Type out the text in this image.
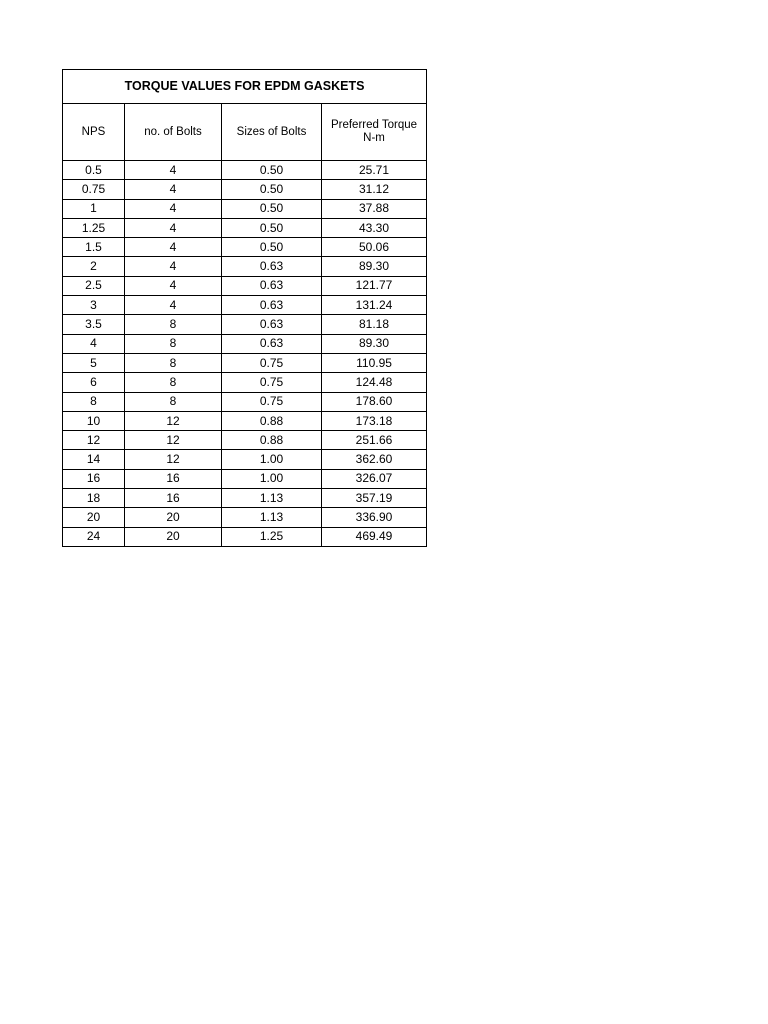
TORQUE VALUES FOR EPDM GASKETS			
NPS	no. of Bolts	Sizes of Bolts	Preferred Torque
N-m
0.5	4	0.50	25.71
0.75	4	0.50	31.12
1	4	0.50	37.88
1.25	4	0.50	43.30
1.5	4	0.50	50.06
2	4	0.63	89.30
2.5	4	0.63	121.77
3	4	0.63	131.24
3.5	8	0.63	81.18
4	8	0.63	89.30
5	8	0.75	110.95
6	8	0.75	124.48
8	8	0.75	178.60
10	12	0.88	173.18
12	12	0.88	251.66
14	12	1.00	362.60
16	16	1.00	326.07
18	16	1.13	357.19
20	20	1.13	336.90
24	20	1.25	469.49
